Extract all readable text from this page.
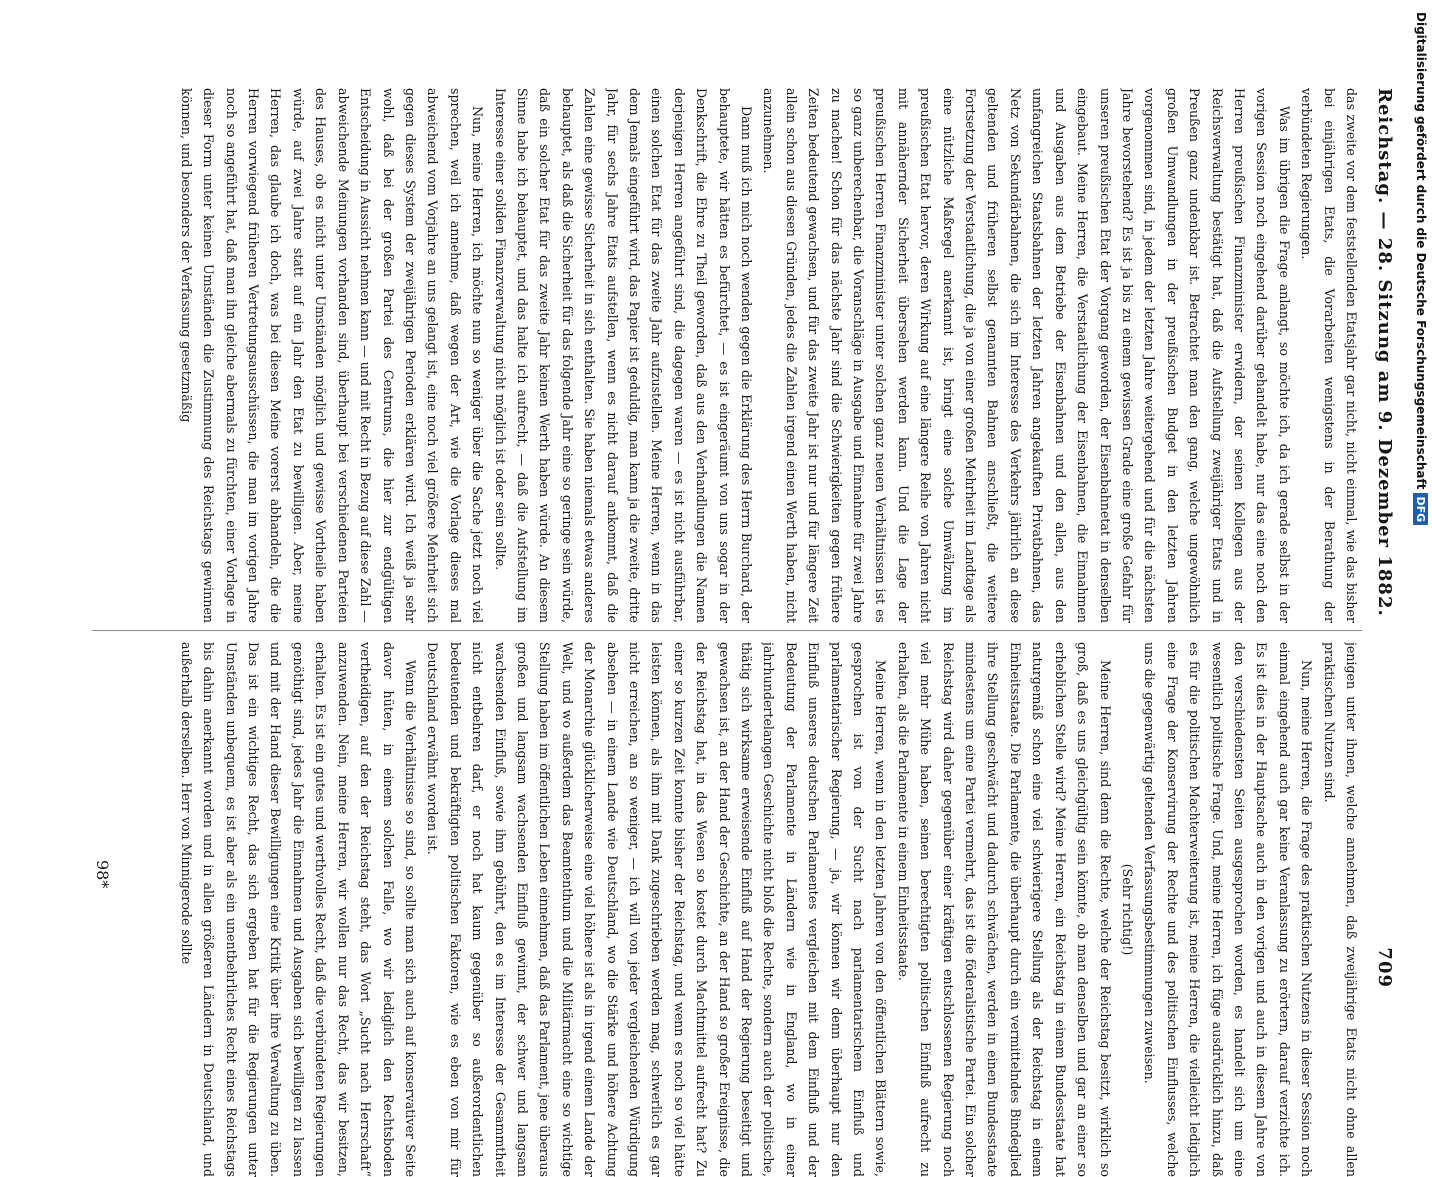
Reichstag. — 28. Sitzung am 9. Dezember 1882.
709

das zweite vor dem feststellenden Etatsjahr gar nicht, nicht einmal, wie das bisher bei einjährigen Etats, die Vorarbeiten wenigstens in der Berathung der verbündeten Regierungen.

Was im übrigen die Frage anlangt, so möchte ich, da ich gerade selbst in der vorigen Session noch eingehend darüber gehandelt habe, nur das eine noch den Herren preußischen Finanzminister erwidern, der seinen Kollegen aus der Reichsverwaltung bestätigt hat, daß die Aufstellung zweijähriger Etats und in Preußen ganz undenkbar ist. Betrachtet man den gang, welche ungewöhnlich großen Umwandlungen in der preußischen Budget in den letzten Jahren vorgenommen sind, in jedem der letzten Jahre weitergehend und für die nächsten Jahre bevorstehend? Es ist ja bis zu einem gewissen Grade eine große Gefahr für unseren preußischen Etat der Vorgang geworden, der Eisenbahnetat in denselben eingebaut. Meine Herren, die Verstaatlichung der Eisenbahnen, die Einnahmen und Ausgaben aus dem Betriebe der Eisenbahnen und den allen, aus den umfangreichen Staatsbahnen der letzten Jahren angekauften Privatbahnen, das Netz von Sekundärbahnen, die sich im Interesse des Verkehrs jährlich an diese geltenden und früheren selbst genannten Bahnen anschließt, die weitere Fortsetzung der Verstaatlichung, die ja von einer großen Mehrheit im Landtage als eine nützliche Maßregel anerkannt ist, bringt eine solche Umwälzung im preußischen Etat hervor, deren Wirkung auf eine längere Reihe von Jahren nicht mit annähernder Sicherheit übersehen werden kann. Und die Lage der preußischen Herren Finanzminister unter solchen ganz neuen Verhältnissen ist es so ganz unberechenbar, die Voranschläge in Ausgabe und Einnahme für zwei Jahre zu machen! Schon für das nächste Jahr sind die Schwierigkeiten gegen frühere Zeiten bedeutend gewachsen, und für das zweite Jahr ist nur und für längere Zeit allein schon aus diesen Gründen, jedes die Zahlen irgend einen Werth haben, nicht anzunehmen.

Dann muß ich mich noch wenden gegen die Erklärung des Herrn Burchard, der behauptete, wir hätten es befürchtet, — es ist eingeräumt von uns sogar in der Denkschrift, die Ehre zu Theil geworden, daß aus den Verhandlungen die Namen derjenigen Herren angeführt sind, die dagegen waren — es ist nicht ausführbar, einen solchen Etat für das zweite Jahr aufzustellen. Meine Herren, wenn in das dem Jemals eingeführt wird, das Papier ist geduldig, man kann ja die zweite, dritte Jahr, für sechs Jahre Etats aufstellen, wenn es nicht darauf ankommt, daß die Zahlen eine gewisse Sicherheit in sich enthalten. Sie haben niemals etwas anderes behauptet, als daß die Sicherheit für das folgende Jahr eine so geringe sein würde, daß ein solcher Etat für das zweite Jahr keinen Werth haben würde. An diesem Sinne habe ich behauptet, und das halte ich aufrecht, — daß die Aufstellung im Interesse einer soliden Finanzverwaltung nicht möglich ist oder sein sollte.

Nun, meine Herren, ich möchte nun so weniger über die Sache jetzt noch viel sprechen, weil ich annehme, daß wegen der Art, wie die Vorlage dieses mal abweichend vom Vorjahre an uns gelangt ist, eine noch viel größere Mehrheit sich gegen dieses System der zweijährigen Perioden erklären wird. Ich weiß ja sehr wohl, daß bei der großen Partei des Centrums, die hier zur endgültigen Entscheidung in Aussicht nehmen kann — und mit Recht in Bezug auf diese Zahl — abweichende Meinungen vorhanden sind, überhaupt bei verschiedenen Parteien des Hauses, ob es nicht unter Umständen möglich und gewisse Vortheile haben würde, auf zwei Jahre statt auf ein Jahr den Etat zu bewilligen. Aber, meine Herren, das glaube ich doch, was bei diesen Meine vorerst abhandeln, die die Herren vorwiegend früheren Vertretungsausschüssen, die man im vorigen Jahre noch so angeführt hat, daß man ihn gleiche abermals zu fürchten, einer Vorlage in dieser Form unter keinen Umständen die Zustimmung des Reichstags gewinnen können, und besonders der Verfassung gesetzmäßig

jenigen unter ihnen, welche annehmen, daß zweijährige Etats nicht ohne allen praktischen Nutzen sind.

Nun, meine Herren, die Frage des praktischen Nutzens in dieser Session noch einmal eingehend auch gar keine Veranlassung zu erörtern, darauf verzichte ich. Es ist dies in der Hauptsache auch in den vorigen und auch in diesem Jahre von den verschiedensten Seiten ausgesprochen worden, es handelt sich um eine wesentlich politische Frage. Und, meine Herren, ich füge ausdrücklich hinzu, daß es für die politischen Machterweiterung ist, meine Herren, die vielleicht lediglich eine Frage der Konservirung der Rechte und des politischen Einflusses, welche uns die gegenwärtig geltenden Verfassungsbestimmungen zuweisen.

(Sehr richtig!)

Meine Herren, sind denn die Rechte, welche der Reichstag besitzt, wirklich so groß, daß es uns gleichgültig sein könnte, ob man denselben und gar an einer so erheblichen Stelle wird? Meine Herren, ein Reichstag in einem Bundesstaate hat naturgemäß schon eine viel schwierigere Stellung als der Reichstag in einem Einheitsstaate. Die Parlamente, die überhaupt durch ein vermittelndes Bindeglied ihre Stellung geschwächt und dadurch schwächen, werden in einen Bundesstaate mindestens um eine Partei vermehrt, das ist die föderalistische Partei. Ein solcher Reichstag wird daher gegenüber einer kräftigen entschlossenen Regierung noch viel mehr Mühe haben, seinen berechtigten politischen Einfluß aufrecht zu erhalten, als die Parlamente in einem Einheitsstaate.

Meine Herren, wenn in den letzten Jahren von den öffentlichen Blättern sowie, gesprochen ist von der Sucht nach parlamentarischem Einfluß und parlamentarischer Regierung, — ja, wir können wir denn überhaupt nur den Einfluß unseres deutschen Parlamentes vergleichen mit dem Einfluß und der Bedeutung der Parlamente in Ländern wie in England, wo in einer jahrhundertelangen Geschichte nicht bloß die Rechte, sondern auch der politische, thätig sich wirksame erweisende Einfluß auf Hand der Regierung beseitigt und gewachsen ist, an der Hand der Geschichte, an der Hand so großer Ereignisse, die der Reichstag hat, in das Wesen so kostet durch Machtmittel aufrecht hat? Zu einer so kurzen Zeit konnte bisher der Reichstag, und wenn es noch so viel hätte leisten können, als ihm mit Dank zugeschrieben werden mag, schwerlich es gar nicht erreichen, an so weniger, — ich will von jeder vergleichenden Würdigung absehen — in einem Lande wie Deutschland, wo die Stärke und höhere Achtung der Monarchie glücklicherweise eine viel höhere ist als in irgend einem Lande der Welt, und wo außerdem das Beamtenthum und die Militärmacht eine so wichtige Stellung haben im öffentlichen Leben einnehmen, daß das Parlament, jene überaus großen und langsam wachsenden Einfluß gewinnt, der schwer und langsam wachsenden Einfluß, sowie ihm gebührt, den es im Interesse der Gesammtheit nicht entbehren darf, er noch hat kaum gegenüber so außerordentlichen bedeutenden und bekräftigten politischen Faktoren, wie es eben von mir für Deutschland erwähnt worden ist.

Wenn die Verhältnisse so sind, so sollte man sich auch auf konservativer Seite davor hüten, in einem solchen Falle, wo wir lediglich den Rechtsboden vertheidigen, auf den der Reichstag steht, das Wort „Sucht nach Herrschaft“ anzuwenden. Nein, meine Herren, wir wollen nur das Recht, das wir besitzen, erhalten. Es ist ein gutes und werthvolles Recht, daß die verbündeten Regierungen genöthigt sind, jedes Jahr die Einnahmen und Ausgaben sich bewilligen zu lassen und mit der Hand dieser Bewilligungen eine Kritik über ihre Verwaltung zu üben. Das ist ein wichtiges Recht, das sich ergeben hat für die Regierungen unter Umständen unbequem, es ist aber als ein unentbehrliches Recht eines Reichstags bis dahin anerkannt worden und in allen größeren Ländern in Deutschland, und außerhalb derselben. Herr von Minnigerode sollte

98*
Digitalisierung gefördert durch die Deutsche Forschungsgemeinschaft
DFG
